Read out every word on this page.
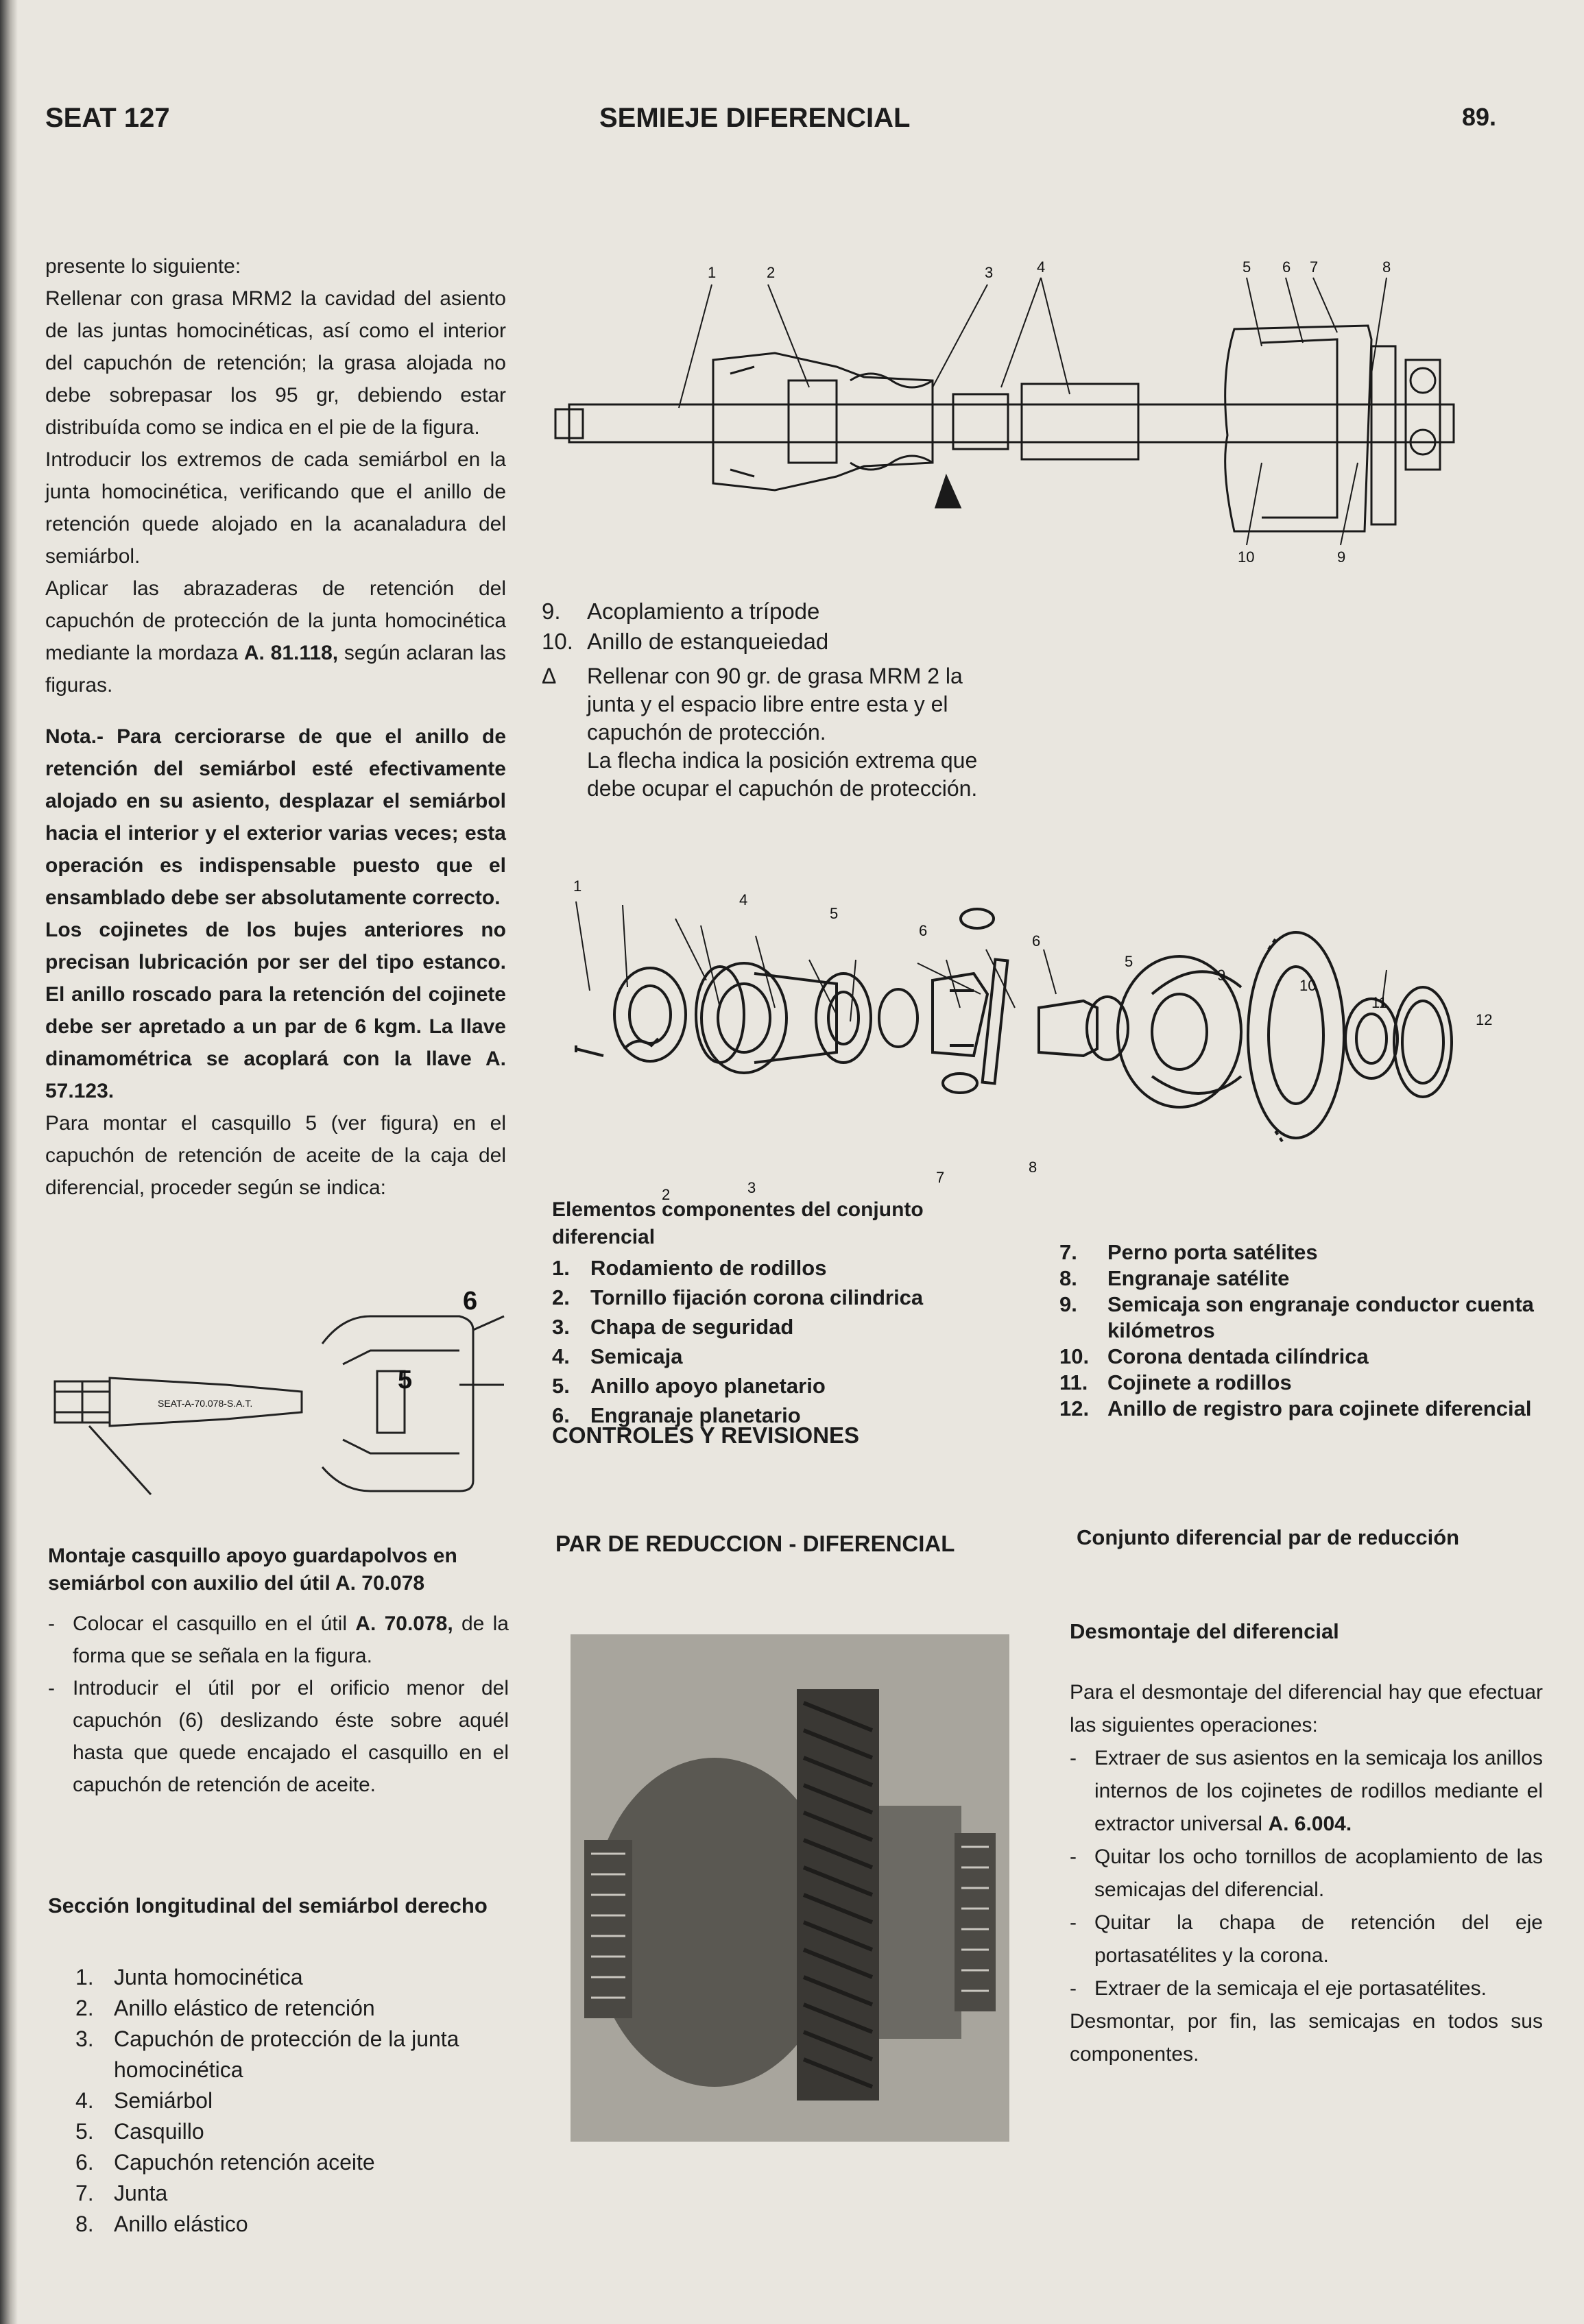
SEAT 127	SEMIEJE DIFERENCIAL	89.

presente lo siguiente:

Rellenar con grasa MRM2 la cavidad del asiento de las juntas homocinéticas, así como el interior del capuchón de retención; la grasa alojada no debe sobrepasar los 95 gr, debiendo estar distribuída como se indica en el pie de la figura.

Introducir los extremos de cada semiárbol en la junta homocinética, verificando que el anillo de retención quede alojado en la acanaladura del semiárbol.

Aplicar las abrazaderas de retención del capuchón de protección de la junta homocinética mediante la mordaza A. 81.118, según aclaran las figuras.

Nota.- Para cerciorarse de que el anillo de retención del semiárbol esté efectivamente alojado en su asiento, desplazar el semiárbol hacia el interior y el exterior varias veces; esta operación es indispensable puesto que el ensamblado debe ser absolutamente correcto.

Los cojinetes de los bujes anteriores no precisan lubricación por ser del tipo estanco. El anillo roscado para la retención del cojinete debe ser apretado a un par de 6 kgm. La llave dinamométrica se acoplará con la llave A. 57.123.

Para montar el casquillo 5 (ver figura) en el capuchón de retención de aceite de la caja del diferencial, proceder según se indica:

6
5
SEAT-A-70.078-S.A.T.
Montaje casquillo apoyo guardapolvos en semiárbol con auxilio del útil A. 70.078
- Colocar el casquillo en el útil A. 70.078, de la forma que se señala en la figura.
- Introducir el útil por el orificio menor del capuchón (6) deslizando éste sobre aquél hasta que quede encajado el casquillo en el capuchón de retención de aceite.
Sección longitudinal del semiárbol derecho
1. Junta homocinética
2. Anillo elástico de retención
3. Capuchón de protección de la junta homocinética
4. Semiárbol
5. Casquillo
6. Capuchón retención aceite
7. Junta
8. Anillo elástico
1	2	3	4	5 6 7	8
10	9
9.	Acoplamiento a trípode
10. Anillo de estanqueiedad
Δ	Rellenar con 90 gr. de grasa MRM 2 la junta y el espacio libre entre esta y el capuchón de protección.
La flecha indica la posición extrema que debe ocupar el capuchón de protección.
1
4
5
6
6
5
9
10
11
12
2	3
7
8
Elementos componentes del conjunto diferencial
1. Rodamiento de rodillos
2. Tornillo fijación corona cilindrica
3. Chapa de seguridad
4. Semicaja
5. Anillo apoyo planetario
6. Engranaje planetario
CONTROLES Y REVISIONES
7.	Perno porta satélites
8.	Engranaje satélite
9.	Semicaja son engranaje conductor cuenta kilómetros
10. Corona dentada cilíndrica
11. Cojinete a rodillos
12. Anillo de registro para cojinete diferencial
PAR DE REDUCCION - DIFERENCIAL	Conjunto diferencial par de reducción
Desmontaje del diferencial

Para el desmontaje del diferencial hay que efectuar las siguientes operaciones:

- Extraer de sus asientos en la semicaja los anillos internos de los cojinetes de rodillos mediante el extractor universal A. 6.004.
- Quitar los ocho tornillos de acoplamiento de las semicajas del diferencial.
- Quitar la chapa de retención del eje portasatélites y la corona.
- Extraer de la semicaja el eje portasatélites.

Desmontar, por fin, las semicajas en todos sus componentes.
